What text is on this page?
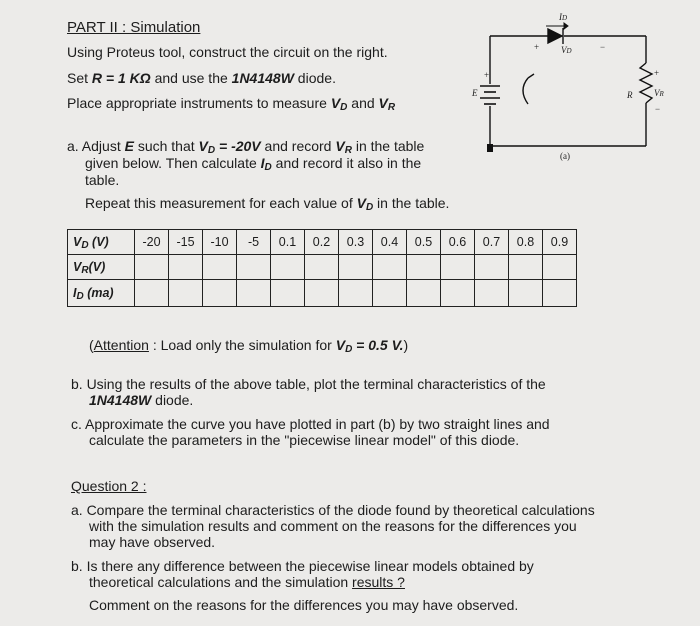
PART II : Simulation
Using Proteus tool, construct the circuit on the right.
Set R = 1 KΩ and use the 1N4148W diode.
Place appropriate instruments to measure VD and VR
a. Adjust E such that VD = -20V and record VR in the table
given below. Then calculate ID and record it also in the
table.
Repeat this measurement for each value of VD in the table.
VD (V)	-20	-15	-10	-5	0.1	0.2	0.3	0.4	0.5	0.6	0.7	0.8	0.9
VR(V)													
ID (ma)													
(Attention : Load only the simulation for VD = 0.5 V.)
b. Using the results of the above table, plot the terminal characteristics of the
1N4148W diode.
c. Approximate the curve you have plotted in part (b) by two straight lines and
calculate the parameters in the "piecewise linear model" of this diode.
Question 2 :
a. Compare the terminal characteristics of the diode found by theoretical calculations
with the simulation results and comment on the reasons for the differences you
may have observed.
b. Is there any difference between the piecewise linear models obtained by
theoretical calculations and the simulation results ?
Comment on the reasons for the differences you may have observed.
ID
VD
+	−
E
+
R VR
+
−
(a)
